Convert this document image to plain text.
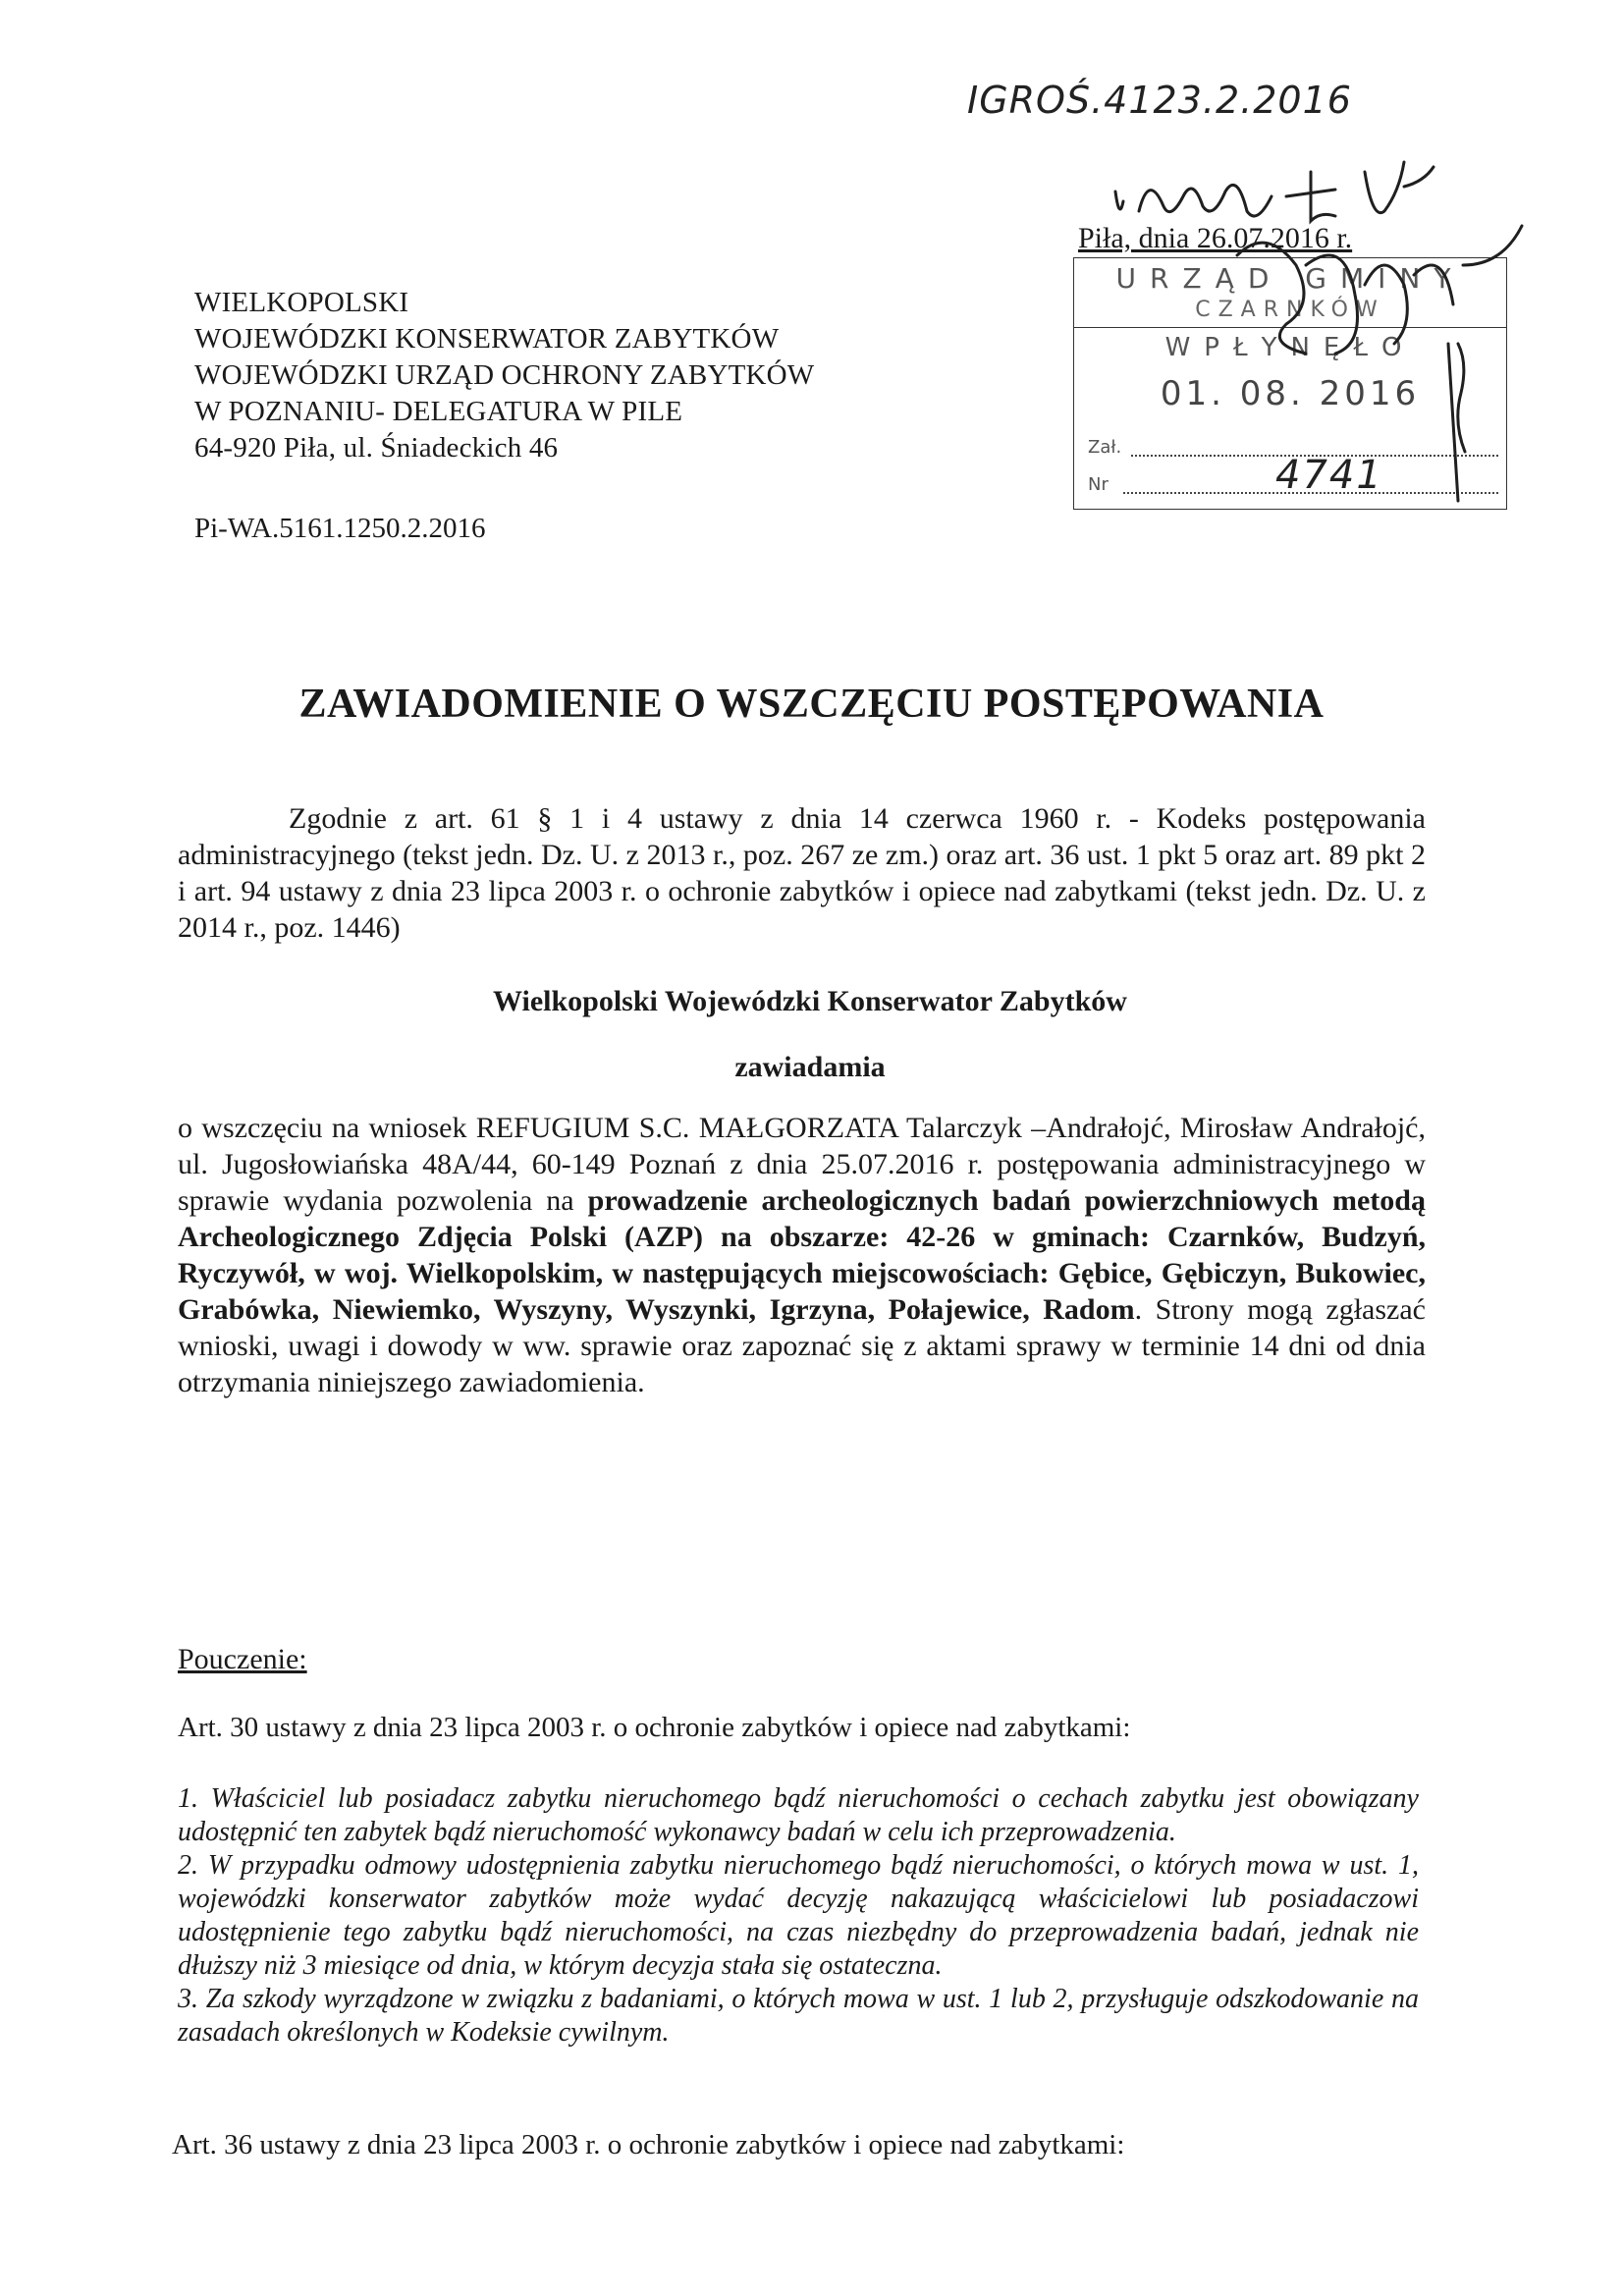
IGROŚ.4123.2.2016
Piła, dnia 26.07.2016 r.
URZĄD GMINY
CZARNKÓW
WPŁYNĘŁO
01. 08. 2016
Zał.
Nr	4741
WIELKOPOLSKI
WOJEWÓDZKI KONSERWATOR ZABYTKÓW
WOJEWÓDZKI URZĄD OCHRONY ZABYTKÓW
W POZNANIU- DELEGATURA W PILE
64-920 Piła, ul. Śniadeckich 46
Pi-WA.5161.1250.2.2016
ZAWIADOMIENIE O WSZCZĘCIU POSTĘPOWANIA

Zgodnie z art. 61 § 1 i 4 ustawy z dnia 14 czerwca 1960 r. - Kodeks postępowania administracyjnego (tekst jedn. Dz. U. z 2013 r., poz. 267 ze zm.) oraz art. 36 ust. 1 pkt 5 oraz art. 89 pkt 2 i art. 94 ustawy z dnia 23 lipca 2003 r. o ochronie zabytków i opiece nad zabytkami (tekst jedn. Dz. U. z 2014 r., poz. 1446)

Wielkopolski Wojewódzki Konserwator Zabytków
zawiadamia

o wszczęciu na wniosek REFUGIUM S.C. MAŁGORZATA Talarczyk –Andrałojć, Mirosław Andrałojć, ul. Jugosłowiańska 48A/44, 60-149 Poznań z dnia 25.07.2016 r. postępowania administracyjnego w sprawie wydania pozwolenia na prowadzenie archeologicznych badań powierzchniowych metodą Archeologicznego Zdjęcia Polski (AZP) na obszarze: 42-26 w gminach: Czarnków, Budzyń, Ryczywół, w woj. Wielkopolskim, w następujących miejscowościach: Gębice, Gębiczyn, Bukowiec, Grabówka, Niewiemko, Wyszyny, Wyszynki, Igrzyna, Połajewice, Radom. Strony mogą zgłaszać wnioski, uwagi i dowody w ww. sprawie oraz zapoznać się z aktami sprawy w terminie 14 dni od dnia otrzymania niniejszego zawiadomienia.

Pouczenie:
Art. 30 ustawy z dnia 23 lipca 2003 r. o ochronie zabytków i opiece nad zabytkami:

1. Właściciel lub posiadacz zabytku nieruchomego bądź nieruchomości o cechach zabytku jest obowiązany udostępnić ten zabytek bądź nieruchomość wykonawcy badań w celu ich przeprowadzenia.

2. W przypadku odmowy udostępnienia zabytku nieruchomego bądź nieruchomości, o których mowa w ust. 1, wojewódzki konserwator zabytków może wydać decyzję nakazującą właścicielowi lub posiadaczowi udostępnienie tego zabytku bądź nieruchomości, na czas niezbędny do przeprowadzenia badań, jednak nie dłuższy niż 3 miesiące od dnia, w którym decyzja stała się ostateczna.

3. Za szkody wyrządzone w związku z badaniami, o których mowa w ust. 1 lub 2, przysługuje odszkodowanie na zasadach określonych w Kodeksie cywilnym.

Art. 36 ustawy z dnia 23 lipca 2003 r. o ochronie zabytków i opiece nad zabytkami:
